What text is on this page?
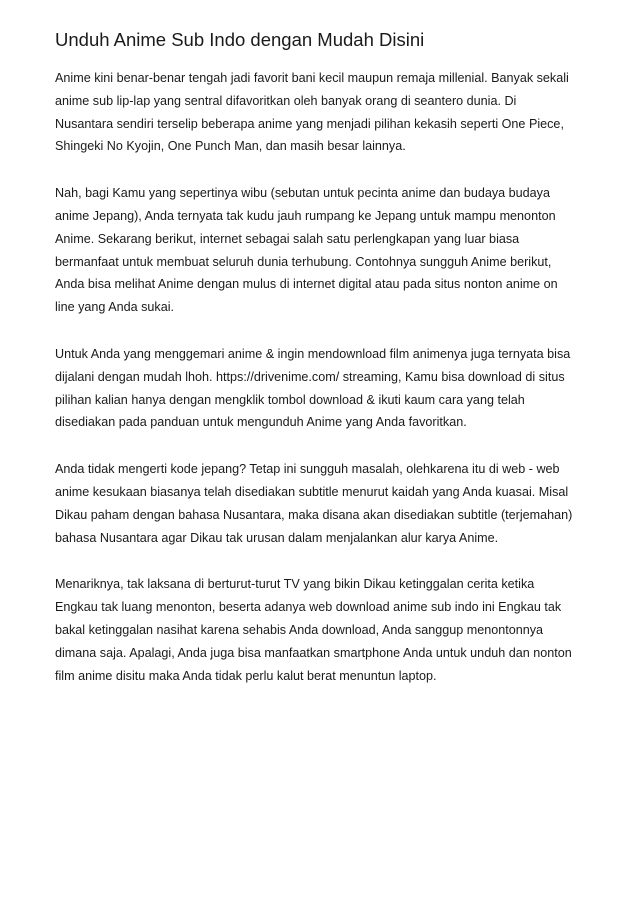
Unduh Anime Sub Indo dengan Mudah Disini

Anime kini benar-benar tengah jadi favorit bani kecil maupun remaja millenial. Banyak sekali
anime sub lip-lap yang sentral difavoritkan oleh banyak orang di seantero dunia. Di
Nusantara sendiri terselip beberapa anime yang menjadi pilihan kekasih seperti One Piece,
Shingeki No Kyojin, One Punch Man, dan masih besar lainnya.

Nah, bagi Kamu yang sepertinya wibu (sebutan untuk pecinta anime dan budaya budaya
anime Jepang), Anda ternyata tak kudu jauh rumpang ke Jepang untuk mampu menonton
Anime. Sekarang berikut, internet sebagai salah satu perlengkapan yang luar biasa
bermanfaat untuk membuat seluruh dunia terhubung. Contohnya sungguh Anime berikut,
Anda bisa melihat Anime dengan mulus di internet digital atau pada situs nonton anime on
line yang Anda sukai.

Untuk Anda yang menggemari anime & ingin mendownload film animenya juga ternyata bisa
dijalani dengan mudah lhoh. https://drivenime.com/ streaming, Kamu bisa download di situs
pilihan kalian hanya dengan mengklik tombol download & ikuti kaum cara yang telah
disediakan pada panduan untuk mengunduh Anime yang Anda favoritkan.

Anda tidak mengerti kode jepang? Tetap ini sungguh masalah, olehkarena itu di web - web
anime kesukaan biasanya telah disediakan subtitle menurut kaidah yang Anda kuasai. Misal
Dikau paham dengan bahasa Nusantara, maka disana akan disediakan subtitle (terjemahan)
bahasa Nusantara agar Dikau tak urusan dalam menjalankan alur karya Anime.

Menariknya, tak laksana di berturut-turut TV yang bikin Dikau ketinggalan cerita ketika
Engkau tak luang menonton, beserta adanya web download anime sub indo ini Engkau tak
bakal ketinggalan nasihat karena sehabis Anda download, Anda sanggup menontonnya
dimana saja. Apalagi, Anda juga bisa manfaatkan smartphone Anda untuk unduh dan nonton
film anime disitu maka Anda tidak perlu kalut berat menuntun laptop.
